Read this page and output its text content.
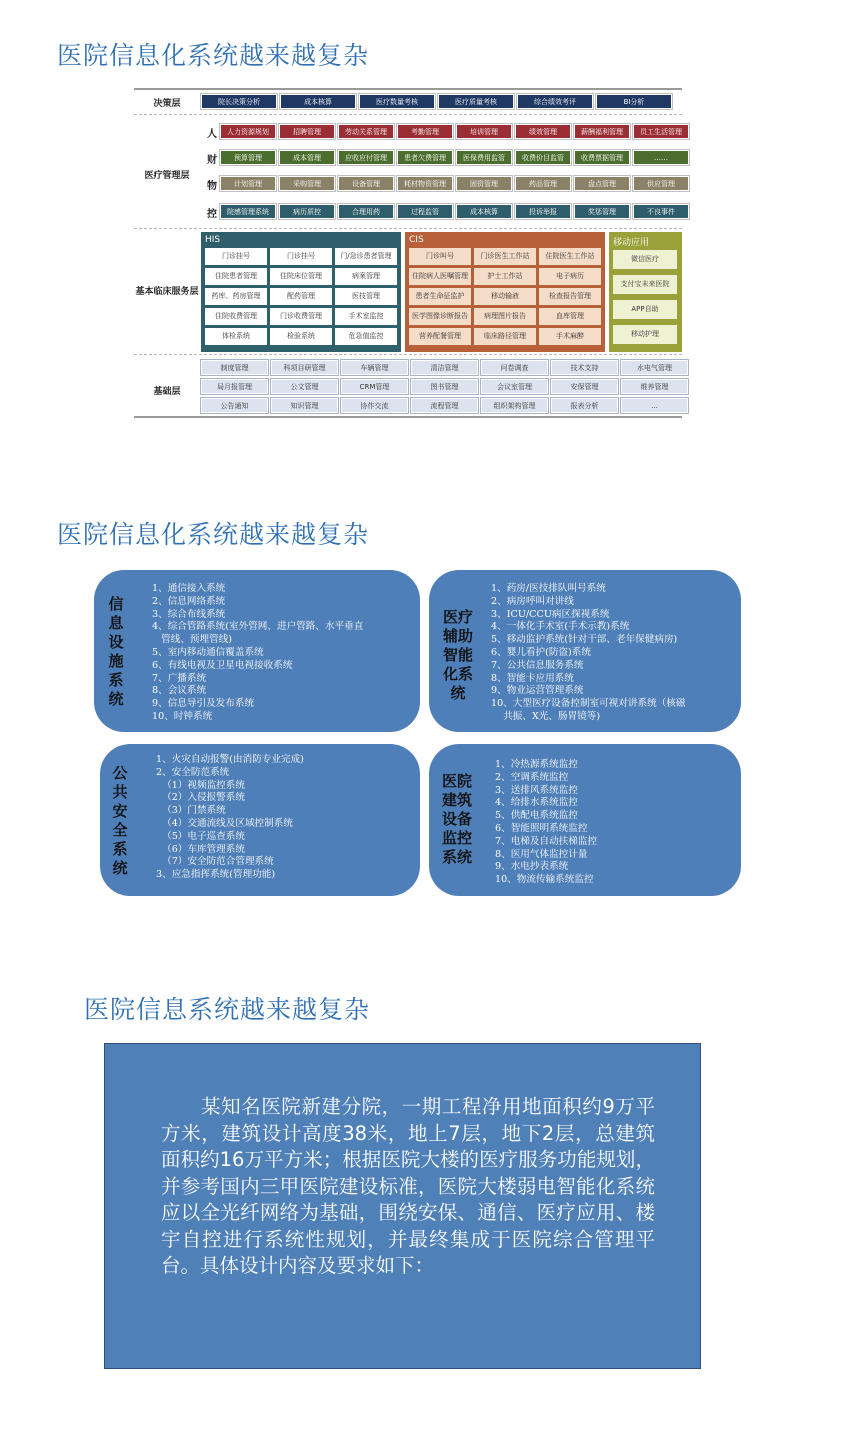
医院信息化系统越来越复杂
决策层	院长决策分析	成本核算	医疗数量考核	医疗质量考核	综合绩效考评	BI分析
医疗管理层
人	人力资源规划	招聘管理	劳动关系管理	考勤管理	培训管理	绩效管理	薪酬福利管理	员工生活管理
财	预算管理	成本管理	应收应付管理	患者欠费管理	医保费用监管	收费价目监管	收费票据管理	……
物	计划管理	采购管理	设备管理	耗材物资管理	固资管理	药品管理	盘点管理	供应管理
控	院感管理系统	病历质控	合理用药	过程监管	成本核算	投诉举报	奖惩管理	不良事件
基本临床服务层
HIS
门诊挂号	门诊挂号	门/急诊患者管理
住院患者管理	住院床位管理	病案管理
药库、药房管理	配药管理	医技管理
住院收费管理	门诊收费管理	手术室监控
体检系统	检验系统	危急值监控
CIS
门诊叫号	门诊医生工作站	住院医生工作站
住院病人医嘱管理	护士工作站	电子病历
患者生命征监护	移动输液	检查报告管理
医学图像诊断报告	病理图片报告	血库管理
营养配餐管理	临床路径管理	手术麻醉
移动应用
微信医疗
支付宝未来医院
APP自助
移动护理
基础层
制度管理	科项目研管理	车辆管理	清洁管理	问卷调查	技术支持	水电气管理
局月报管理	公文管理	CRM管理	图书管理	会议室管理	安保管理	维养管理
公告通知	知识管理	协作交流	流程管理	组织架构管理	报表分析	...
医院信息化系统越来越复杂
信息设施系统
1、通信接入系统
2、信息网络系统
3、综合布线系统
4、综合管路系统(室外管网、进户管路、水平垂直
管线、预埋管线)
5、室内移动通信覆盖系统
6、有线电视及卫星电视接收系统
7、广播系统
8、会议系统
9、信息导引及发布系统
10、时钟系统
医疗辅助智能化系统
1、药房/医技排队叫号系统
2、病房呼叫对讲线
3、ICU/CCU病区探视系统
4、一体化手术室(手术示教)系统
5、移动监护系统(针对干部、老年保健病房)
6、婴儿看护(防盗)系统
7、公共信息服务系统
8、智能卡应用系统
9、物业运营管理系统
10、大型医疗设备控制室可视对讲系统（核磁
共振、X光、肠胃镜等)
公共安全系统
1、火灾自动报警(由消防专业完成)
2、安全防范系统
（1）视频监控系统
（2）入侵报警系统
（3）门禁系统
（4）交通流线及区域控制系统
（5）电子巡查系统
（6）车库管理系统
（7）安全防范合管理系统
3、应急指挥系统(管理功能)
医院建筑设备监控系统
1、冷热源系统监控
2、空调系统监控
3、送排风系统监控
4、给排水系统监控
5、供配电系统监控
6、智能照明系统监控
7、电梯及自动扶梯监控
8、医用气体监控计量
9、水电抄表系统
10、物流传输系统监控
医院信息系统越来越复杂

某知名医院新建分院，一期工程净用地面积约9万平方米，建筑设计高度38米，地上7层，地下2层，总建筑面积约16万平方米；根据医院大楼的医疗服务功能规划，并参考国内三甲医院建设标准，医院大楼弱电智能化系统应以全光纤网络为基础，围绕安保、通信、医疗应用、楼宇自控进行系统性规划，并最终集成于医院综合管理平台。具体设计内容及要求如下：
